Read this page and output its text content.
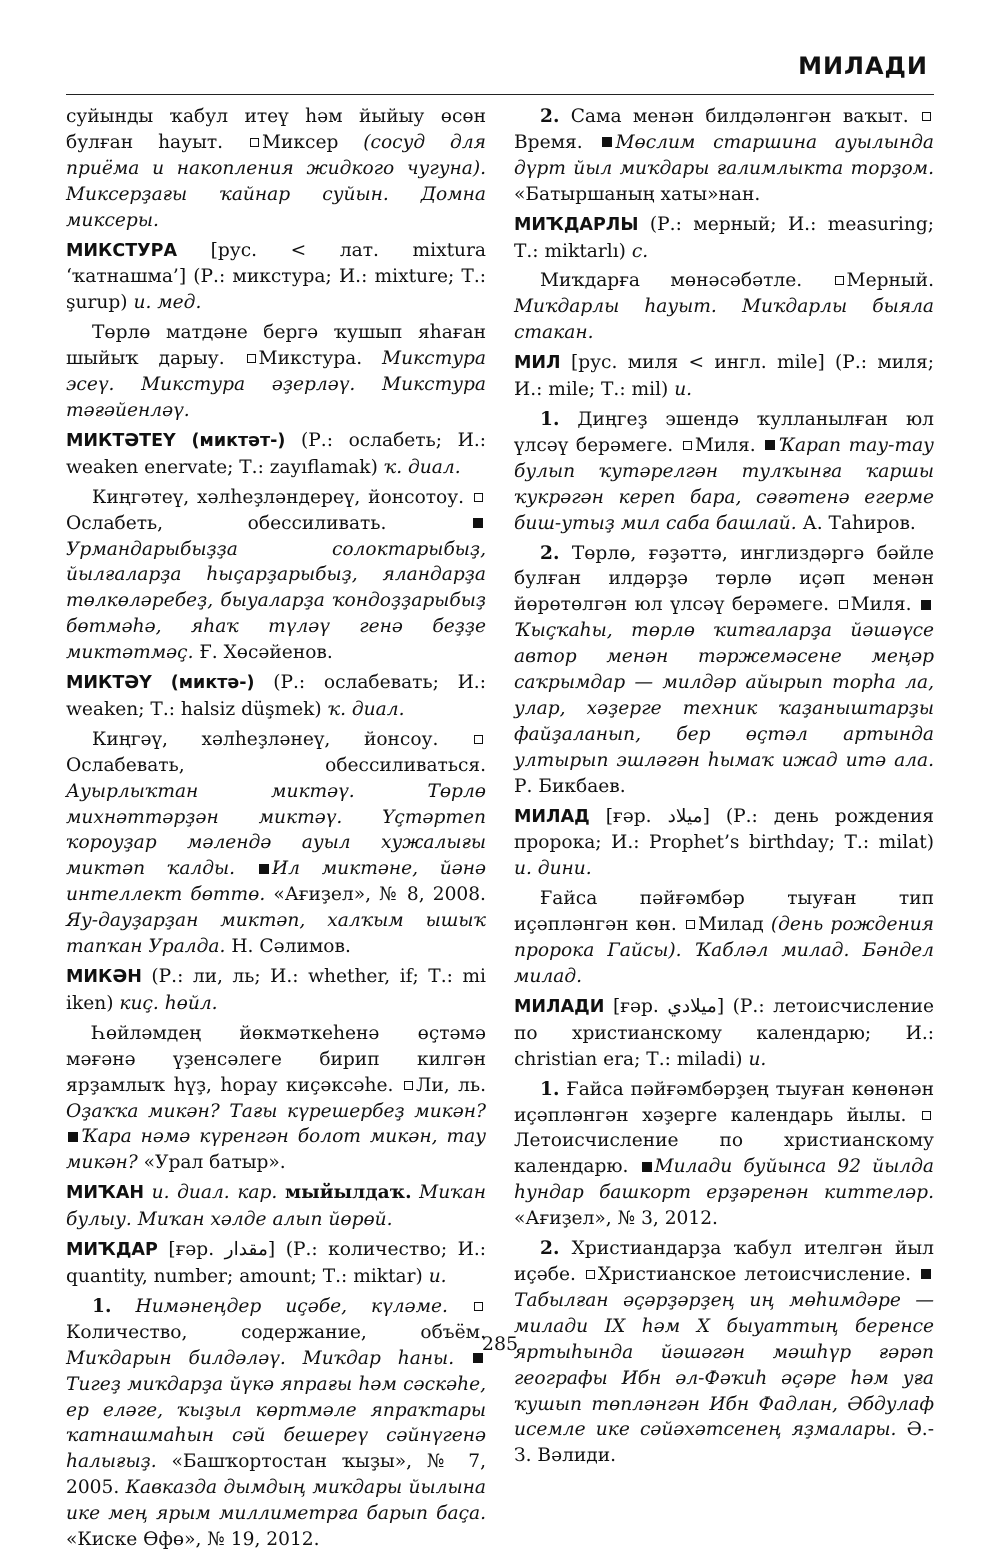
МИЛАДИ

суйынды ҡабул итеү һәм йыйыу өсөн булған һауыт. Миксер (сосуд для приёма и накопления жидкого чугуна). Миксерҙағы ҡайнар суйын. Домна миксеры.

МИКСТУРА [рус. < лат. mixtura ‘ҡатнашма’] (Р.: микстура; И.: mixture; Т.: şurup) и. мед.

Төрлө матдәне бергә ҡушып яһаған шыйыҡ дарыу. Микстура. Микстура эсеү. Микстура әҙерләү. Микстура тәғәйенләү.

МИКТӘТЕҮ (миктәт-) (Р.: ослабеть; И.: weaken enervate; Т.: zayıflamak) ҡ. диал.

Киңгәтеү, хәлһеҙләндереү, йонсотоу. Ослабеть, обессиливать. Урмандарыбыҙҙа солоктарыбыҙ, йылғаларҙа һыҫарҙарыбыҙ, яландарҙа төлкөләребеҙ, быуаларҙа ҡондоҙҙарыбыҙ бөтмәһә, яһаҡ түләү генә беҙҙе миктәтмәҫ. Ғ. Хөсәйенов.

МИКТӘҮ (миктә-) (Р.: ослабевать; И.: weaken; Т.: halsiz düşmek) ҡ. диал.

Киңгәү, хәлһеҙләнеү, йонсоу. Ослабевать, обессиливаться. Ауырлыҡтан миктәү. Төрлө михнәттәрҙән миктәү. Үҫтәртеп ҡороуҙар мәлендә ауыл хужалығы миктәп ҡалды. Ил миктәне, йәнә интеллект бөттө. «Ағиҙел», № 8, 2008. Яу-дауҙарҙан миктәп, халҡым ышыҡ тапҡан Уралда. Н. Сәлимов.

МИКӘН (Р.: ли, ль; И.: whether, if; Т.: mi iken) киҫ. һөйл.

Һөйләмдең йөкмәткеһенә өҫтәмә мәғәнә үҙенсәлеге бирип килгән ярҙамлыҡ һүҙ, һорау киҫәксәһе. Ли, ль. Оҙаҡҡа микән? Тағы күрешербеҙ микән? Ҡара нәмә күренгән болот микән, тау микән? «Урал батыр».

МИҠАН и. диал. кар. мыйылдаҡ. Миҡан булыу. Миҡан хәлде алып йөрөй.

МИҠДАР [ғәр. مقدار] (Р.: количество; И.: quantity, number; amount; Т.: miktar) и.

1. Нимәнеңдер иҫәбе, күләме. Количество, содержание, объём. Миҡдарын билдәләү. Миҡдар һаны. Тигеҙ миҡдарҙа йүкә япрағы һәм сәскәһе, ер еләге, ҡыҙыл көртмәле япраҡтары ҡатнашмаһын сәй бешереү сәйнүгенә һалығыҙ. «Башҡортостан ҡыҙы», № 7, 2005. Кавказда дымдың миҡдары йылына ике мең ярым миллиметрға барып баҫа. «Киске Өфө», № 19, 2012.

2. Сама менән билдәләнгән ваҡыт. Время. Мөслим старшина ауылында дүрт йыл миҡдары ғалимлыкта торҙом. «Батыршаның хаты»нан.

МИҠДАРЛЫ (Р.: мерный; И.: measuring; Т.: miktarlı) с.

Миҡдарға мөнәсәбәтле. Мерный. Миҡдарлы һауыт. Миҡдарлы быяла стакан.

МИЛ [рус. миля < ингл. mile] (Р.: миля; И.: mile; Т.: mil) и.

1. Диңгеҙ эшендә ҡулланылған юл үлсәү берәмеге. Миля. Ҡарап тау-тау булып ҡутәрелгән тулҡынға ҡаршы ҡукрәгән кереп бара, сәғәтенә егерме биш-утыҙ мил саба башлай. А. Таһиров.

2. Төрлө, ғәҙәттә, инглиздәргә бәйле булған илдәрҙә төрлө иҫәп менән йөрөтөлгән юл үлсәү берәмеге. Миля. Ҡыҫҡаһы, төрлө ҡитғаларҙа йәшәүсе автор менән тәржемәсене меңәр саҡрымдар — милдәр айырып торһа ла, улар, хәҙерге техник ҡаҙаныштарҙы файҙаланып, бер өҫтәл артында ултырып эшләгән һымаҡ ижад итә ала. Р. Бикбаев.

МИЛАД [ғәр. ميلاد] (Р.: день рождения пророка; И.: Prophet’s birthday; Т.: milat) и. дини.

Ғайса пәйғәмбәр тыуған тип иҫәпләнгән көн. Милад (день рождения пророка Гайсы). Ҡабләл милад. Бәндел милад.

МИЛАДИ [ғәр. ميلادي] (Р.: летоисчисление по христианскому календарю; И.: christian era; Т.: miladi) и.

1. Ғайса пәйғәмбәрҙең тыуған көнөнән иҫәпләнгән хәҙерге календарь йылы. Летоисчисление по христианскому календарю. Милади буйынса 92 йылда һундар башкорт ерҙәренән киттеләр. «Ағиҙел», № 3, 2012.

2. Христиандарҙа ҡабул ителгән йыл иҫәбе. Христианское летоисчисление. Табылған әҫәрҙәрҙең иң мөһимдәре — милади IX һәм X быуаттың беренсе яртыһында йәшәгән мәшһүр ғәрәп географы Ибн әл-Фәҡиһ әҫәре һәм уға ҡушып төпләнгән Ибн Фадлан, Әбдулаф исемле ике сәйәхәтсенең яҙмалары. Ә.-З. Вәлиди.

285
